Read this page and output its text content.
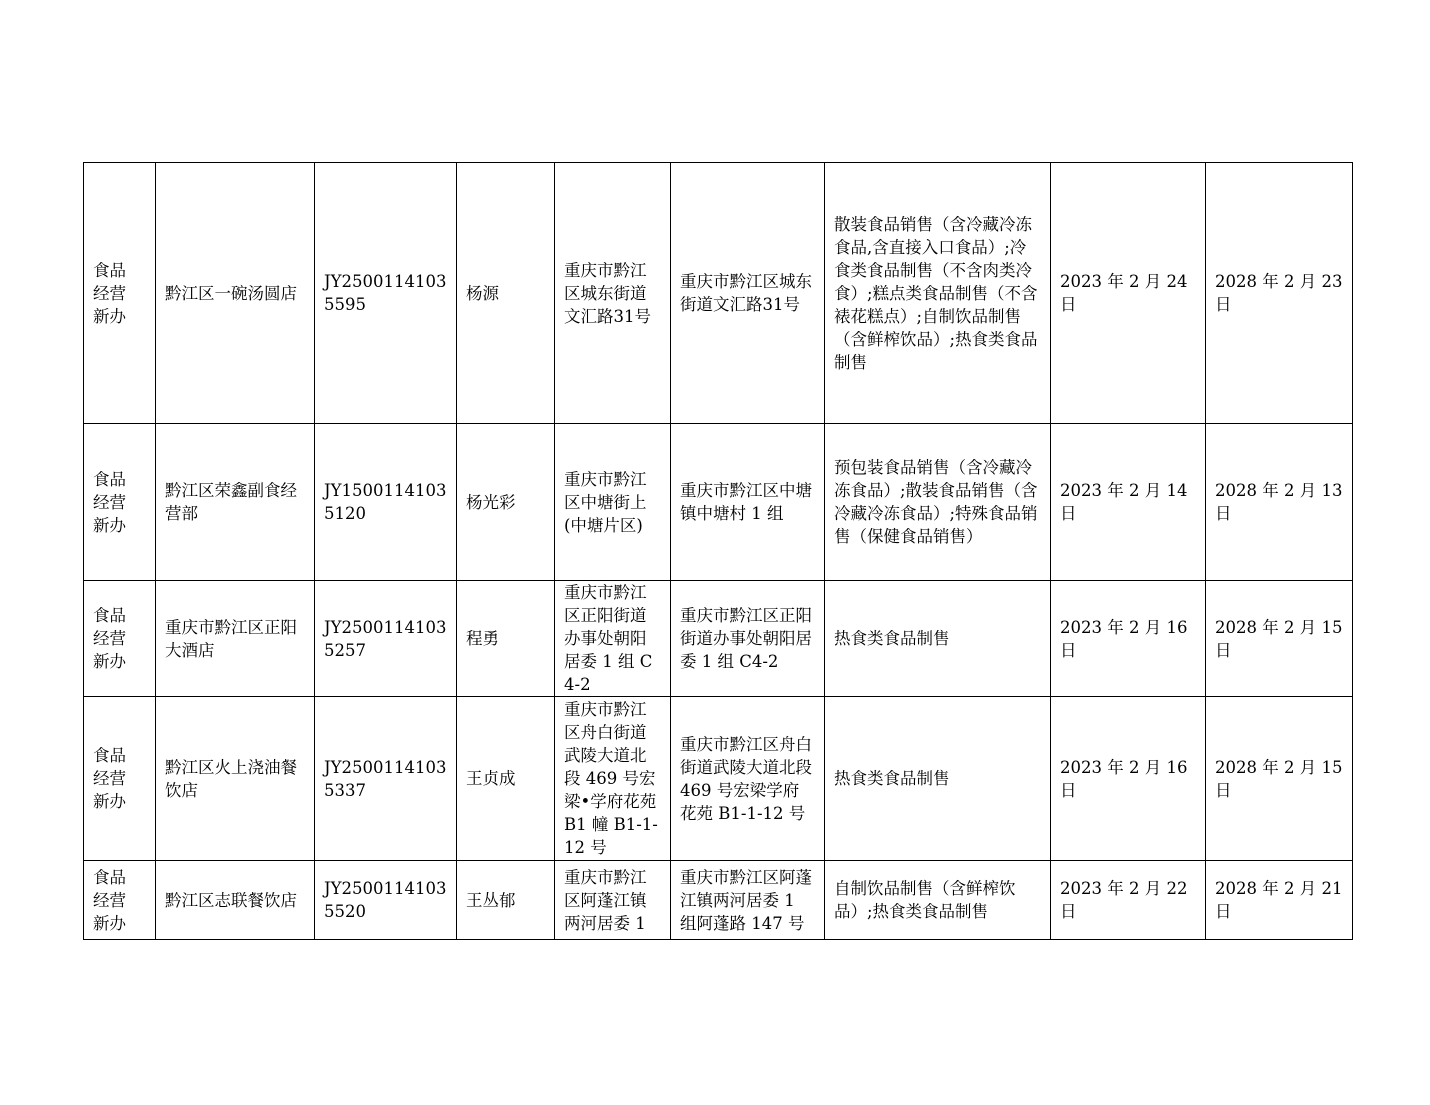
食品
经营
新办	黔江区一碗汤圆店	JY25001141035595	杨源	重庆市黔江区城东街道文汇路31号	重庆市黔江区城东街道文汇路31号	散装食品销售（含冷藏冷冻食品,含直接入口食品）;冷食类食品制售（不含肉类冷食）;糕点类食品制售（不含裱花糕点）;自制饮品制售（含鲜榨饮品）;热食类食品制售	2023 年 2 月 24 日	2028 年 2 月 23 日
食品
经营
新办	黔江区荣鑫副食经营部	JY15001141035120	杨光彩	重庆市黔江区中塘街上(中塘片区)	重庆市黔江区中塘镇中塘村 1 组	预包装食品销售（含冷藏冷冻食品）;散装食品销售（含冷藏冷冻食品）;特殊食品销售（保健食品销售）	2023 年 2 月 14 日	2028 年 2 月 13 日
食品
经营
新办	重庆市黔江区正阳大酒店	JY25001141035257	程勇	重庆市黔江区正阳街道办事处朝阳居委 1 组 C4-2	重庆市黔江区正阳街道办事处朝阳居委 1 组 C4-2	热食类食品制售	2023 年 2 月 16 日	2028 年 2 月 15 日
食品
经营
新办	黔江区火上浇油餐饮店	JY25001141035337	王贞成	重庆市黔江区舟白街道武陵大道北段 469 号宏梁•学府花苑 B1 幢 B1-1-12 号	重庆市黔江区舟白街道武陵大道北段 469 号宏梁学府花苑 B1-1-12 号	热食类食品制售	2023 年 2 月 16 日	2028 年 2 月 15 日
食品
经营
新办	黔江区志联餐饮店	JY25001141035520	王丛郁	重庆市黔江区阿蓬江镇两河居委 1	重庆市黔江区阿蓬江镇两河居委 1 组阿蓬路 147 号	自制饮品制售（含鲜榨饮品）;热食类食品制售	2023 年 2 月 22 日	2028 年 2 月 21 日
